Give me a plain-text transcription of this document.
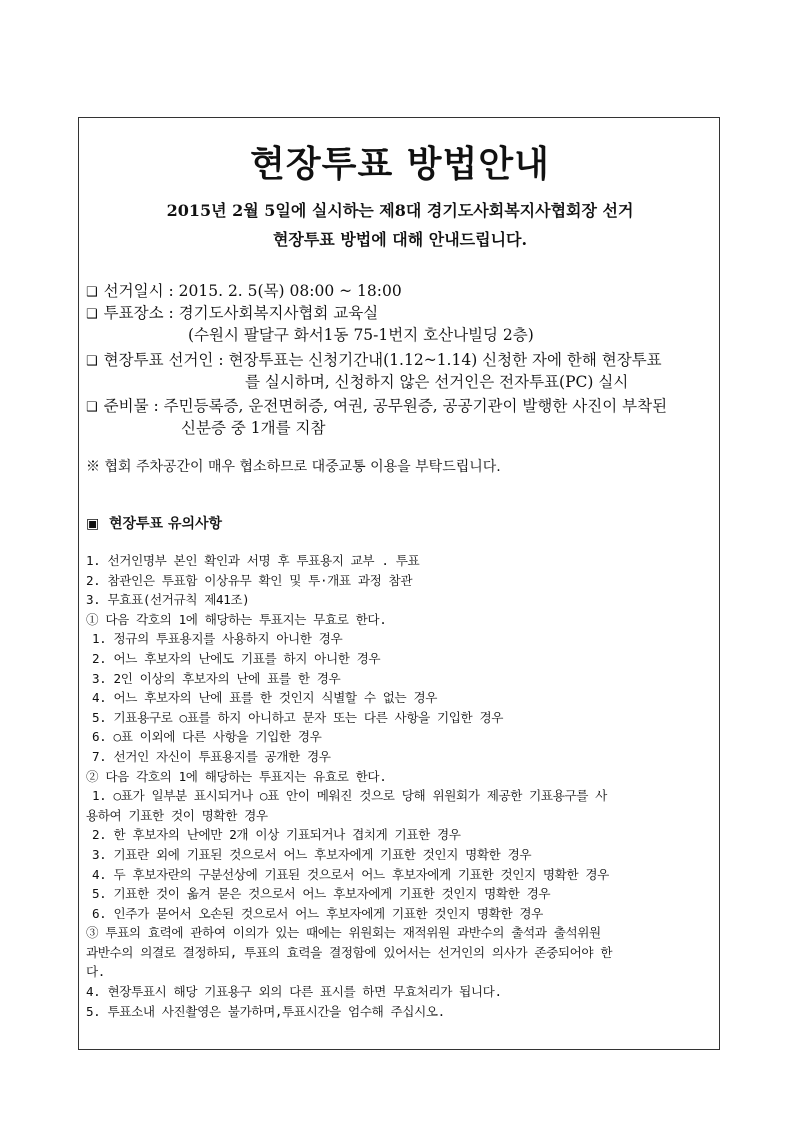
현장투표 방법안내
2015년 2월 5일에 실시하는 제8대 경기도사회복지사협회장 선거
현장투표 방법에 대해 안내드립니다.
❑ 선거일시 : 2015. 2. 5(목) 08:00 ~ 18:00
❑ 투표장소 : 경기도사회복지사협회 교육실
(수원시 팔달구 화서1동 75-1번지 호산나빌딩 2층)
❑ 현장투표 선거인 : 현장투표는 신청기간내(1.12~1.14) 신청한 자에 한해 현장투표
를 실시하며, 신청하지 않은 선거인은 전자투표(PC) 실시
❑ 준비물 : 주민등록증, 운전면허증, 여권, 공무원증, 공공기관이 발행한 사진이 부착된
신분증 중 1개를 지참
※ 협회 주차공간이 매우 협소하므로 대중교통 이용을 부탁드립니다.
▣ 현장투표 유의사항
1. 선거인명부 본인 확인과 서명 후 투표용지 교부 . 투표
2. 참관인은 투표함 이상유무 확인 및 투·개표 과정 참관
3. 무효표(선거규칙 제41조)
① 다음 각호의 1에 해당하는 투표지는 무효로 한다.
1. 정규의 투표용지를 사용하지 아니한 경우
2. 어느 후보자의 난에도 기표를 하지 아니한 경우
3. 2인 이상의 후보자의 난에 표를 한 경우
4. 어느 후보자의 난에 표를 한 것인지 식별할 수 없는 경우
5. 기표용구로 ○표를 하지 아니하고 문자 또는 다른 사항을 기입한 경우
6. ○표 이외에 다른 사항을 기입한 경우
7. 선거인 자신이 투표용지를 공개한 경우
② 다음 각호의 1에 해당하는 투표지는 유효로 한다.
1. ○표가 일부분 표시되거나 ○표 안이 메워진 것으로 당해 위원회가 제공한 기표용구를 사
용하여 기표한 것이 명확한 경우
2. 한 후보자의 난에만 2개 이상 기표되거나 겹치게 기표한 경우
3. 기표란 외에 기표된 것으로서 어느 후보자에게 기표한 것인지 명확한 경우
4. 두 후보자란의 구분선상에 기표된 것으로서 어느 후보자에게 기표한 것인지 명확한 경우
5. 기표한 것이 옮겨 묻은 것으로서 어느 후보자에게 기표한 것인지 명확한 경우
6. 인주가 묻어서 오손된 것으로서 어느 후보자에게 기표한 것인지 명확한 경우
③ 투표의 효력에 관하여 이의가 있는 때에는 위원회는 재적위원 과반수의 출석과 출석위원
과반수의 의결로 결정하되, 투표의 효력을 결정함에 있어서는 선거인의 의사가 존중되어야 한
다.
4. 현장투표시 해당 기표용구 외의 다른 표시를 하면 무효처리가 됩니다.
5. 투표소내 사진촬영은 불가하며,투표시간을 엄수해 주십시오.
